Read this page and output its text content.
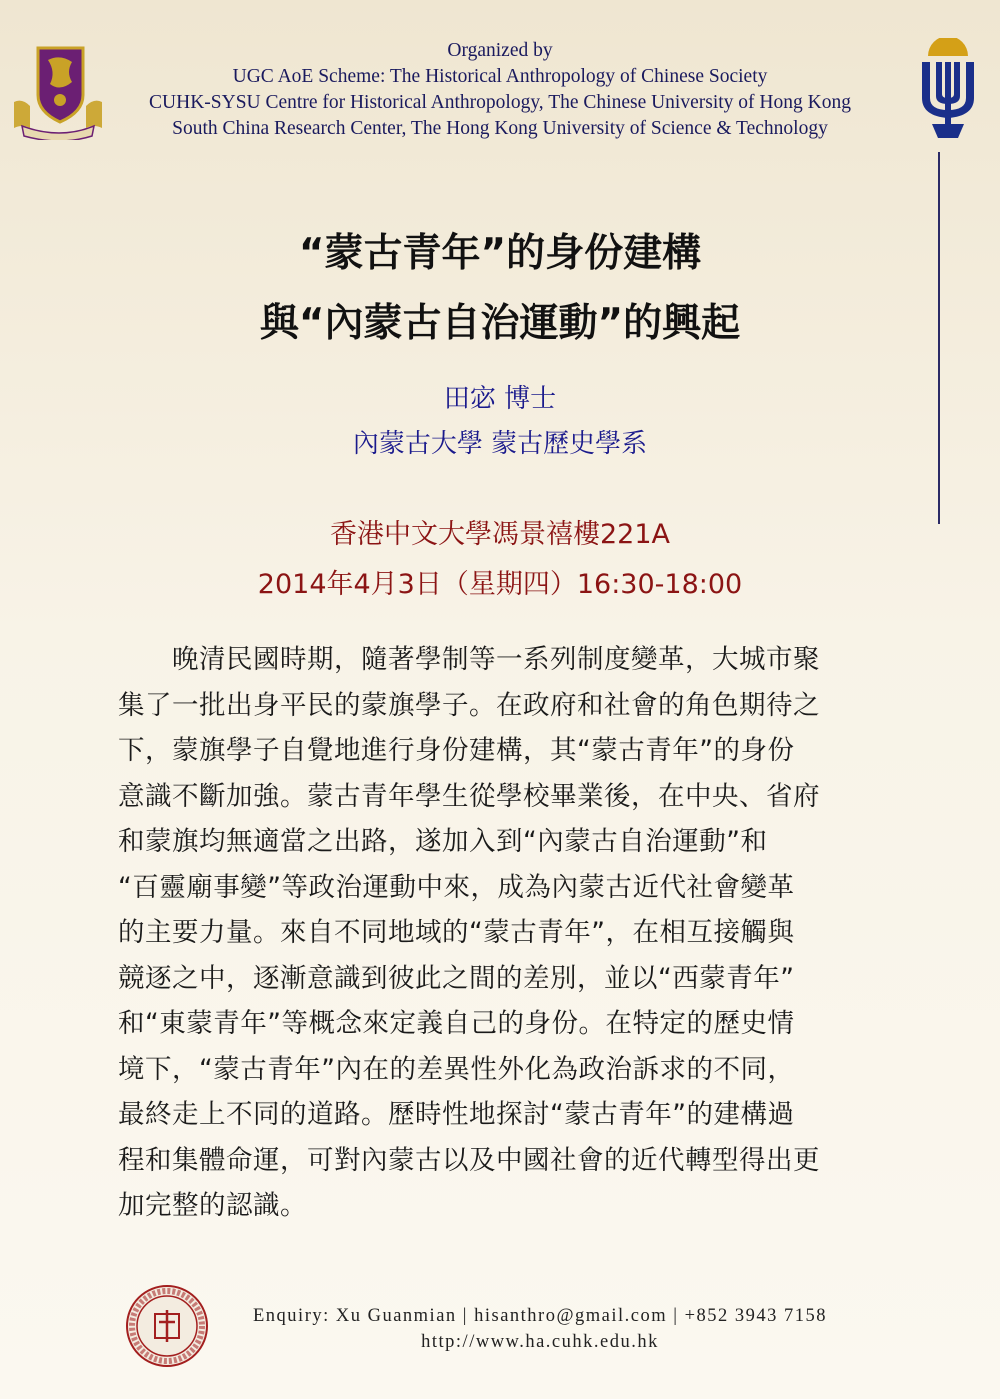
Organized by
UGC AoE Scheme: The Historical Anthropology of Chinese Society
CUHK-SYSU Centre for Historical Anthropology, The Chinese University of Hong Kong
South China Research Center, The Hong Kong University of Science & Technology
“蒙古青年”的身份建構
與“內蒙古自治運動”的興起
田宓 博士
內蒙古大學 蒙古歷史學系
香港中文大學馮景禧樓221A
2014年4月3日（星期四）16:30-18:00
　　晚清民國時期，隨著學制等一系列制度變革，大城市聚
集了一批出身平民的蒙旗學子。在政府和社會的角色期待之
下，蒙旗學子自覺地進行身份建構，其“蒙古青年”的身份
意識不斷加強。蒙古青年學生從學校畢業後，在中央、省府
和蒙旗均無適當之出路，遂加入到“內蒙古自治運動”和
“百靈廟事變”等政治運動中來，成為內蒙古近代社會變革
的主要力量。來自不同地域的“蒙古青年”，在相互接觸與
競逐之中，逐漸意識到彼此之間的差別，並以“西蒙青年”
和“東蒙青年”等概念來定義自己的身份。在特定的歷史情
境下，“蒙古青年”內在的差異性外化為政治訴求的不同，
最終走上不同的道路。歷時性地探討“蒙古青年”的建構過
程和集體命運，可對內蒙古以及中國社會的近代轉型得出更
加完整的認識。
Enquiry: Xu Guanmian | hisanthro@gmail.com | +852 3943 7158
http://www.ha.cuhk.edu.hk
